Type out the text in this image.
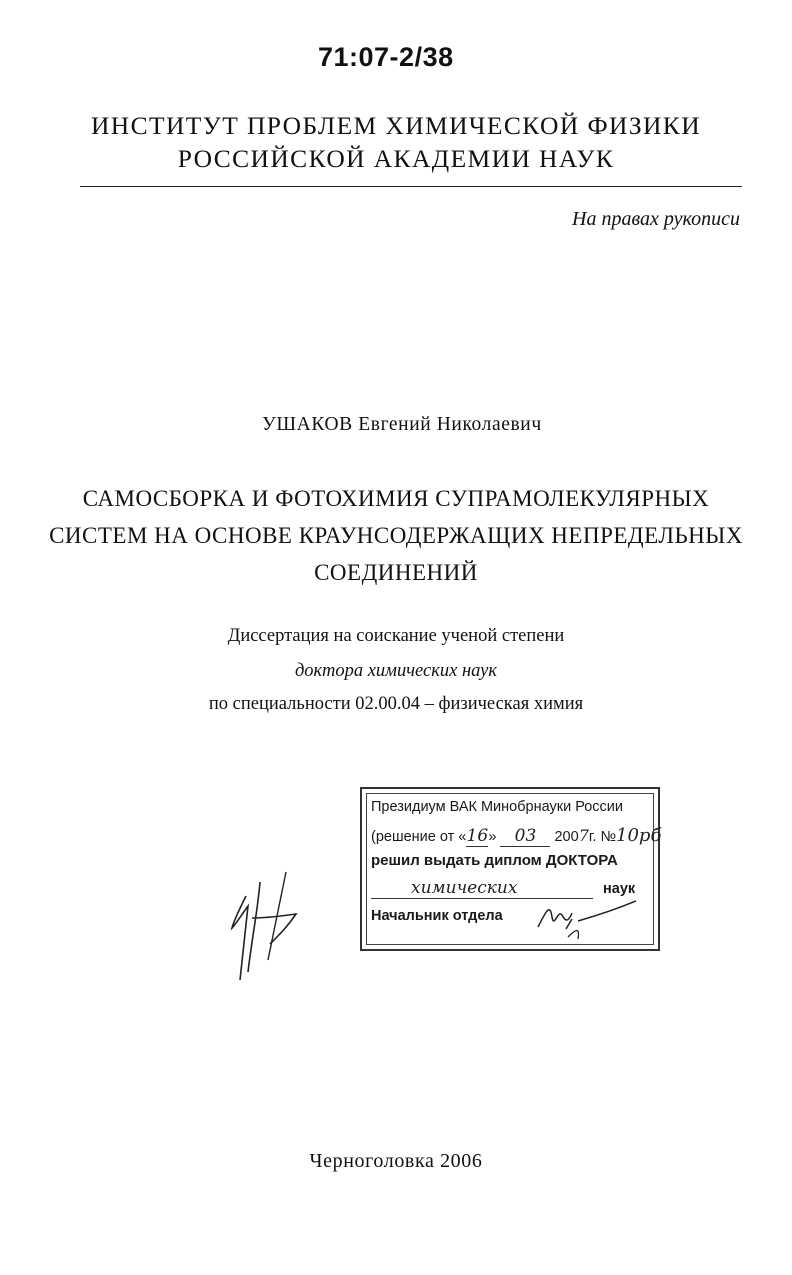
71:07-2/38
ИНСТИТУТ ПРОБЛЕМ ХИМИЧЕСКОЙ ФИЗИКИ
РОССИЙСКОЙ АКАДЕМИИ НАУК
На правах рукописи
УШАКОВ Евгений Николаевич
САМОСБОРКА И ФОТОХИМИЯ СУПРАМОЛЕКУЛЯРНЫХ
СИСТЕМ НА ОСНОВЕ КРАУНСОДЕРЖАЩИХ НЕПРЕДЕЛЬНЫХ
СОЕДИНЕНИЙ
Диссертация на соискание ученой степени
доктора химических наук
по специальности 02.00.04 – физическая химия
Президиум ВАК Минобрнауки России
(решение от «16» 03 2007г. №10рб
решил выдать диплом ДОКТОРА
химических	наук
Начальник отдела
Черноголовка 2006
